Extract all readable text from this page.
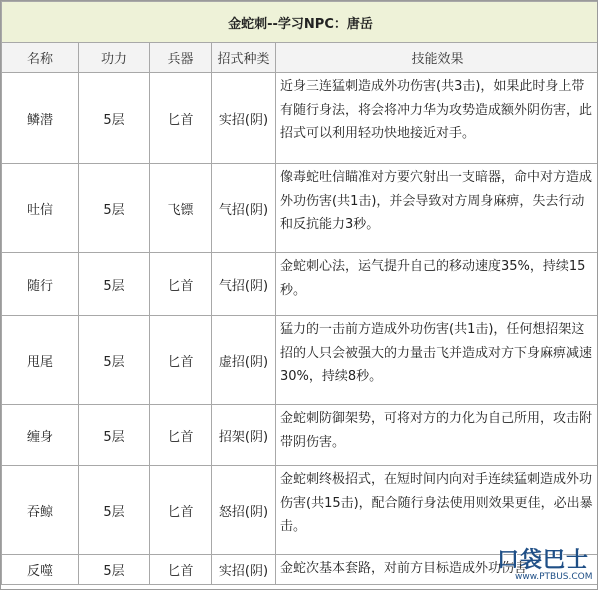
金蛇刺--学习NPC：唐岳				
名称	功力	兵器	招式种类	技能效果
鳞潜	5层	匕首	实招(阴)	近身三连猛刺造成外功伤害(共3击)，如果此时身上带有随行身法，将会将冲力华为攻势造成额外阴伤害，此招式可以利用轻功快地接近对手。
吐信	5层	飞镖	气招(阴)	像毒蛇吐信瞄准对方要穴射出一支暗器，命中对方造成外功伤害(共1击)，并会导致对方周身麻痹，失去行动和反抗能力3秒。
随行	5层	匕首	气招(阴)	金蛇刺心法，运气提升自己的移动速度35%，持续15秒。
甩尾	5层	匕首	虚招(阴)	猛力的一击前方造成外功伤害(共1击)，任何想招架这招的人只会被强大的力量击飞并造成对方下身麻痹减速30%，持续8秒。
缠身	5层	匕首	招架(阴)	金蛇刺防御架势，可将对方的力化为自己所用，攻击附带阴伤害。
吞鲸	5层	匕首	怒招(阴)	金蛇刺终极招式，在短时间内向对手连续猛刺造成外功伤害(共15击)，配合随行身法使用则效果更佳，必出暴击。
反噬	5层	匕首	实招(阴)	金蛇次基本套路，对前方目标造成外功伤害
口袋巴士
www.PTBUS.COM
